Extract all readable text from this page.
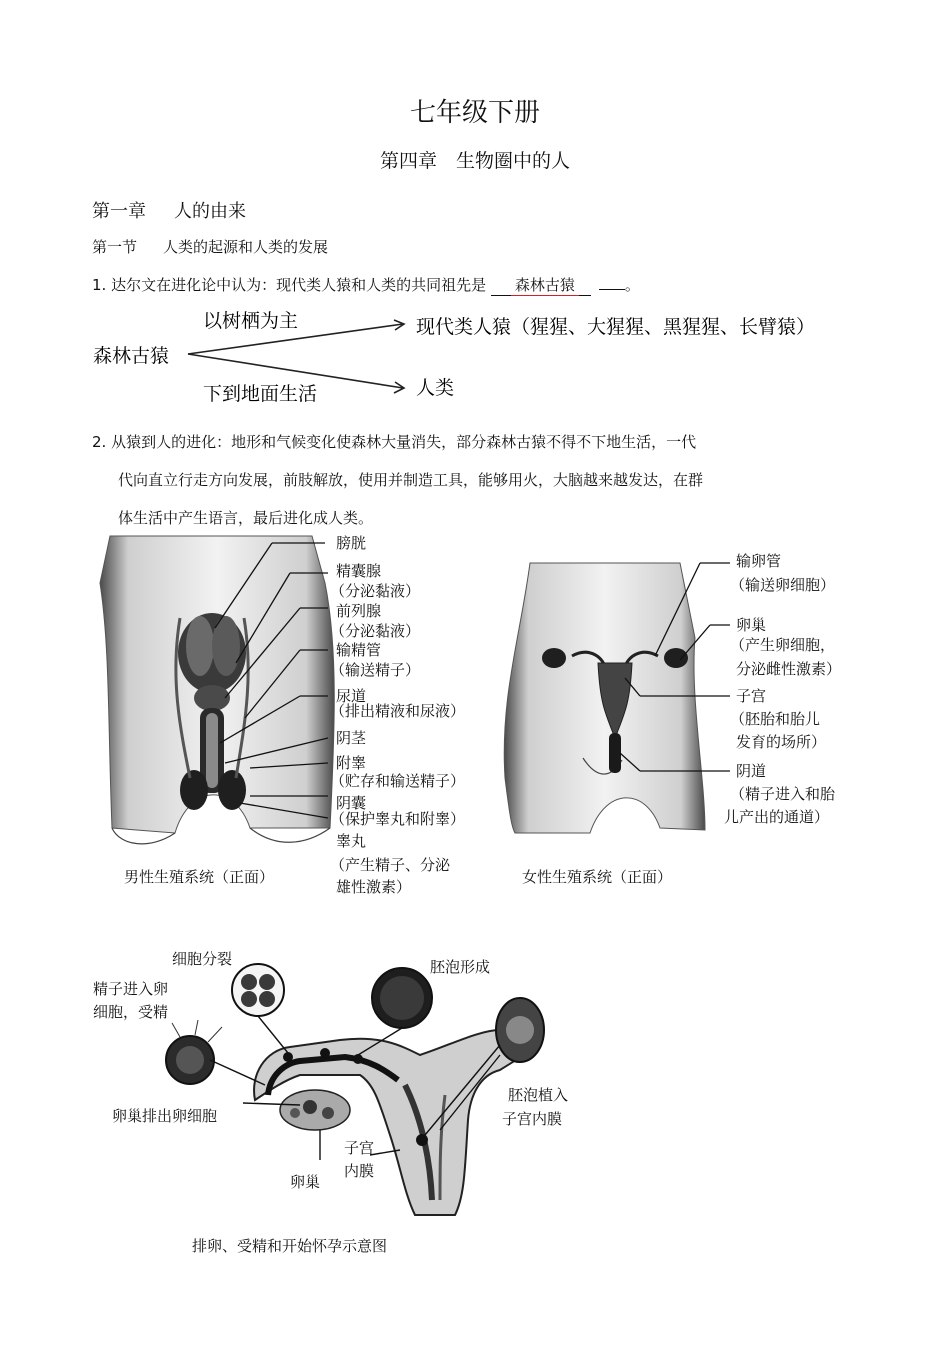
七年级下册
第四章　生物圈中的人
第一章 人的由来
第一节 人类的起源和人类的发展
1. 达尔文在进化论中认为：现代类人猿和人类的共同祖先是 森林古猿	。
森林古猿
以树栖为主
下到地面生活
现代类人猿（猩猩、大猩猩、黑猩猩、长臂猿）
人类
2. 从猿到人的进化：地形和气候变化使森林大量消失，部分森林古猿不得不下地生活，一代
代向直立行走方向发展，前肢解放，使用并制造工具，能够用火，大脑越来越发达，在群
体生活中产生语言，最后进化成人类。
膀胱
精囊腺
（分泌黏液）
前列腺
（分泌黏液）
输精管
（输送精子）
尿道
（排出精液和尿液）
阴茎
附睾
（贮存和输送精子）
阴囊
（保护睾丸和附睾）
睾丸
（产生精子、分泌
雄性激素）
男性生殖系统（正面）
输卵管
（输送卵细胞）
卵巢
（产生卵细胞，
分泌雌性激素）
子宫
（胚胎和胎儿
发育的场所）
阴道
（精子进入和胎
儿产出的通道）
女性生殖系统（正面）
细胞分裂	胚泡形成
精子进入卵
细胞，受精
卵巢排出卵细胞
胚泡植入
子宫内膜
子宫
内膜
卵巢
排卵、受精和开始怀孕示意图
